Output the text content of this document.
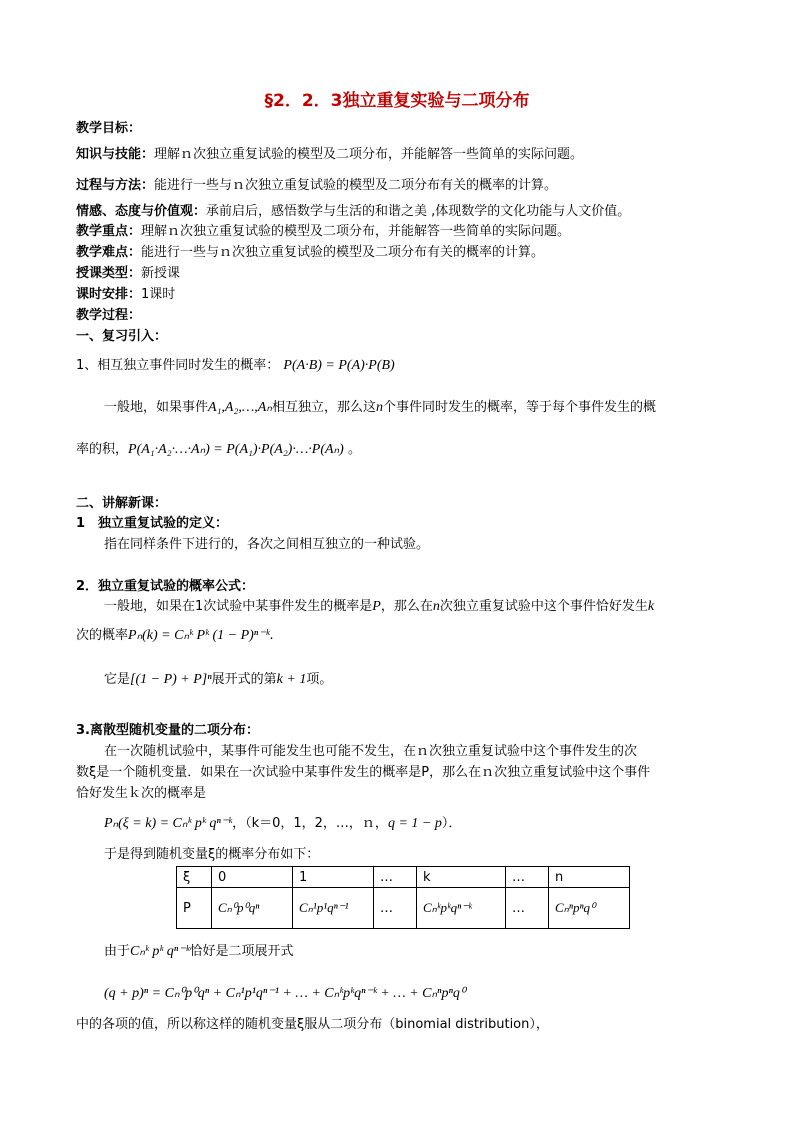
§2．2．3独立重复实验与二项分布
教学目标：
知识与技能：理解ｎ次独立重复试验的模型及二项分布，并能解答一些简单的实际问题。
过程与方法：能进行一些与ｎ次独立重复试验的模型及二项分布有关的概率的计算。
情感、态度与价值观：承前启后，感悟数学与生活的和谐之美 ,体现数学的文化功能与人文价值。
教学重点：理解ｎ次独立重复试验的模型及二项分布，并能解答一些简单的实际问题。
教学难点：能进行一些与ｎ次独立重复试验的模型及二项分布有关的概率的计算。
授课类型：新授课
课时安排：1课时
教学过程：
一、复习引入：
1、相互独立事件同时发生的概率： P(A·B) = P(A)·P(B)
一般地，如果事件A₁,A₂,…,Aₙ相互独立，那么这n个事件同时发生的概率，等于每个事件发生的概
率的积，P(A₁·A₂·…·Aₙ) = P(A₁)·P(A₂)·…·P(Aₙ) 。
二、讲解新课：
1　独立重复试验的定义：
指在同样条件下进行的，各次之间相互独立的一种试验。
2．独立重复试验的概率公式：
一般地，如果在1次试验中某事件发生的概率是P，那么在n次独立重复试验中这个事件恰好发生k
次的概率Pₙ(k) = Cₙᵏ Pᵏ (1 − P)ⁿ⁻ᵏ.
它是[(1 − P) + P]ⁿ展开式的第k + 1项。
3.离散型随机变量的二项分布：
在一次随机试验中，某事件可能发生也可能不发生，在ｎ次独立重复试验中这个事件发生的次
数ξ是一个随机变量．如果在一次试验中某事件发生的概率是P，那么在ｎ次独立重复试验中这个事件
恰好发生ｋ次的概率是
Pₙ(ξ = k) = Cₙᵏ pᵏ qⁿ⁻ᵏ，（k＝0，1，2，…，ｎ，q = 1 − p）．
于是得到随机变量ξ的概率分布如下：
ξ	0	1	…	k	…	n
P	Cₙ⁰p⁰qⁿ	Cₙ¹p¹qⁿ⁻¹	…	Cₙᵏpᵏqⁿ⁻ᵏ	…	Cₙⁿpⁿq⁰
由于Cₙᵏ pᵏ qⁿ⁻ᵏ恰好是二项展开式
(q + p)ⁿ = Cₙ⁰p⁰qⁿ + Cₙ¹p¹qⁿ⁻¹ + … + Cₙᵏpᵏqⁿ⁻ᵏ + … + Cₙⁿpⁿq⁰
中的各项的值，所以称这样的随机变量ξ服从二项分布（binomial distribution），
